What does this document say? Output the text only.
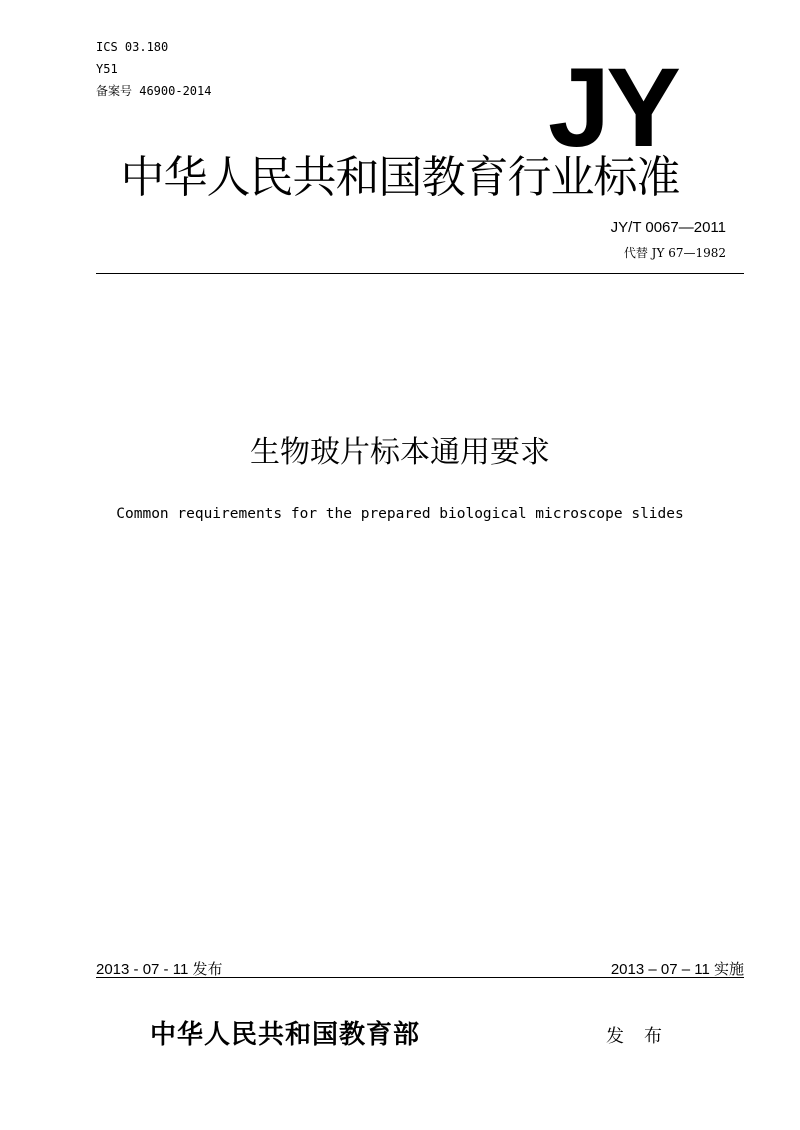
ICS 03.180
Y51
备案号 46900-2014	JY
中华人民共和国教育行业标准
JY/T 0067—2011
代替 JY 67—1982
生物玻片标本通用要求
Common requirements for the prepared biological microscope slides
2013 - 07 - 11 发布	2013 – 07 – 11 实施
中华人民共和国教育部	发布
